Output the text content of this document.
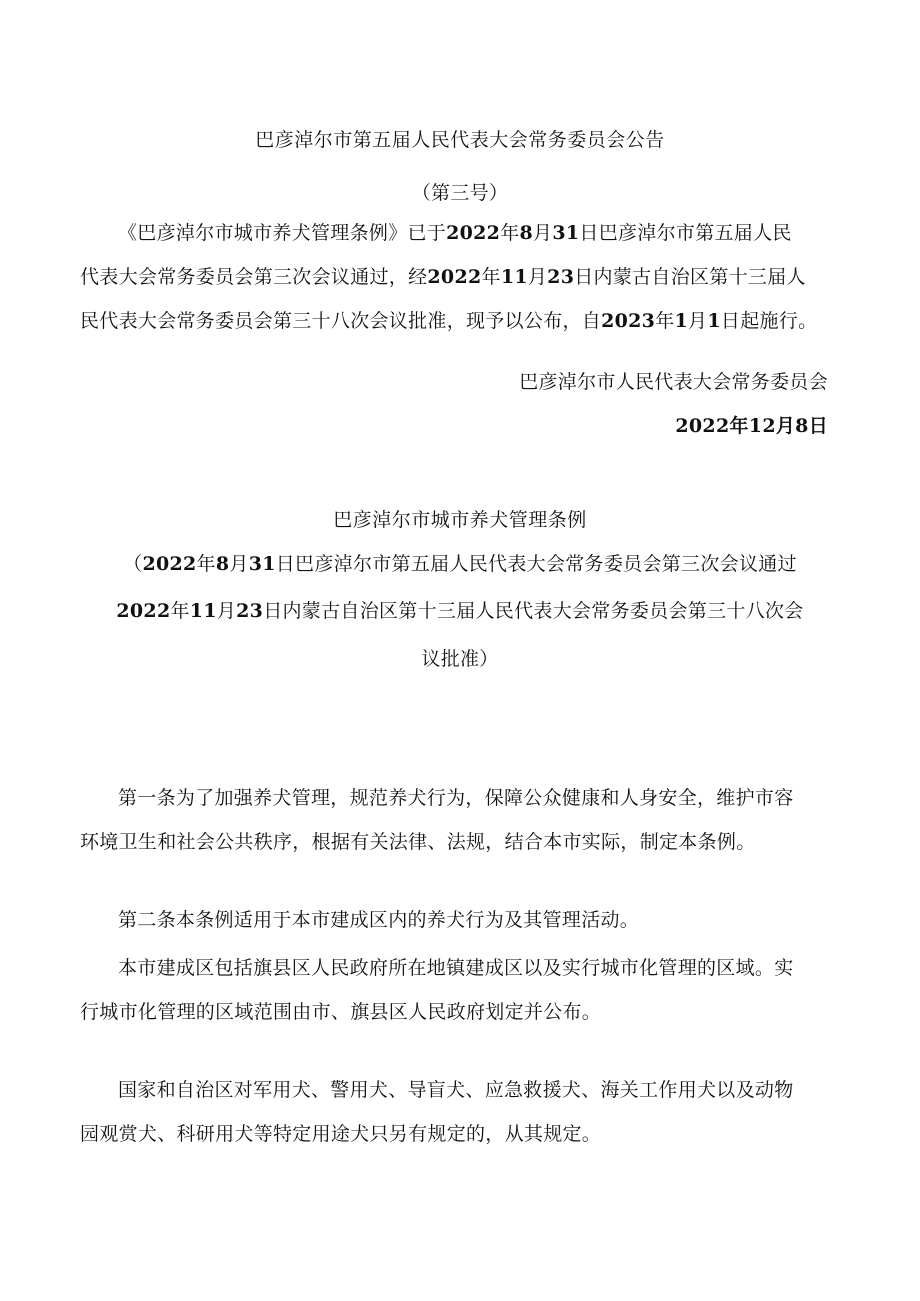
巴彦淖尔市第五届人民代表大会常务委员会公告
（第三号）
《巴彦淖尔市城市养犬管理条例》已于2022年8月31日巴彦淖尔市第五届人民
代表大会常务委员会第三次会议通过，经2022年11月23日内蒙古自治区第十三届人
民代表大会常务委员会第三十八次会议批准，现予以公布，自2023年1月1日起施行。
巴彦淖尔市人民代表大会常务委员会
2022年12月8日
巴彦淖尔市城市养犬管理条例
（2022年8月31日巴彦淖尔市第五届人民代表大会常务委员会第三次会议通过
2022年11月23日内蒙古自治区第十三届人民代表大会常务委员会第三十八次会
议批准）
第一条为了加强养犬管理，规范养犬行为，保障公众健康和人身安全，维护市容
环境卫生和社会公共秩序，根据有关法律、法规，结合本市实际，制定本条例。
第二条本条例适用于本市建成区内的养犬行为及其管理活动。
本市建成区包括旗县区人民政府所在地镇建成区以及实行城市化管理的区域。实
行城市化管理的区域范围由市、旗县区人民政府划定并公布。
国家和自治区对军用犬、警用犬、导盲犬、应急救援犬、海关工作用犬以及动物
园观赏犬、科研用犬等特定用途犬只另有规定的，从其规定。
